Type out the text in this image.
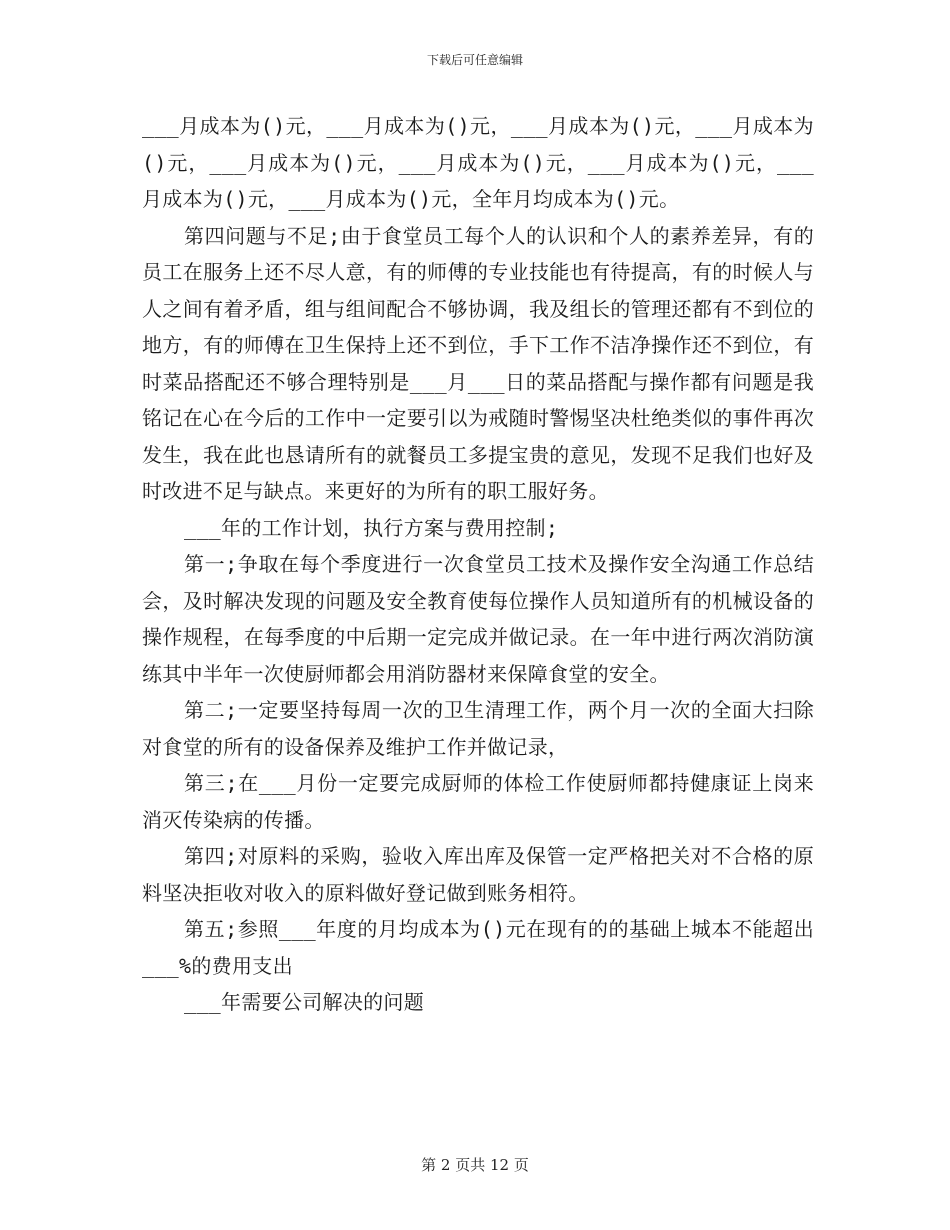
下载后可任意编辑

___月成本为()元，___月成本为()元，___月成本为()元，___月成本为()元，___月成本为()元，___月成本为()元，___月成本为()元，___月成本为()元，___月成本为()元，全年月均成本为()元。

第四问题与不足;由于食堂员工每个人的认识和个人的素养差异，有的员工在服务上还不尽人意，有的师傅的专业技能也有待提高，有的时候人与人之间有着矛盾，组与组间配合不够协调，我及组长的管理还都有不到位的地方，有的师傅在卫生保持上还不到位，手下工作不洁净操作还不到位，有时菜品搭配还不够合理特别是___月___日的菜品搭配与操作都有问题是我铭记在心在今后的工作中一定要引以为戒随时警惕坚决杜绝类似的事件再次发生，我在此也恳请所有的就餐员工多提宝贵的意见，发现不足我们也好及时改进不足与缺点。来更好的为所有的职工服好务。

___年的工作计划，执行方案与费用控制;

第一;争取在每个季度进行一次食堂员工技术及操作安全沟通工作总结会，及时解决发现的问题及安全教育使每位操作人员知道所有的机械设备的操作规程，在每季度的中后期一定完成并做记录。在一年中进行两次消防演练其中半年一次使厨师都会用消防器材来保障食堂的安全。

第二;一定要坚持每周一次的卫生清理工作，两个月一次的全面大扫除对食堂的所有的设备保养及维护工作并做记录，

第三;在___月份一定要完成厨师的体检工作使厨师都持健康证上岗来消灭传染病的传播。

第四;对原料的采购，验收入库出库及保管一定严格把关对不合格的原料坚决拒收对收入的原料做好登记做到账务相符。

第五;参照___年度的月均成本为()元在现有的的基础上城本不能超出___%的费用支出

___年需要公司解决的问题

第 2 页共 12 页
